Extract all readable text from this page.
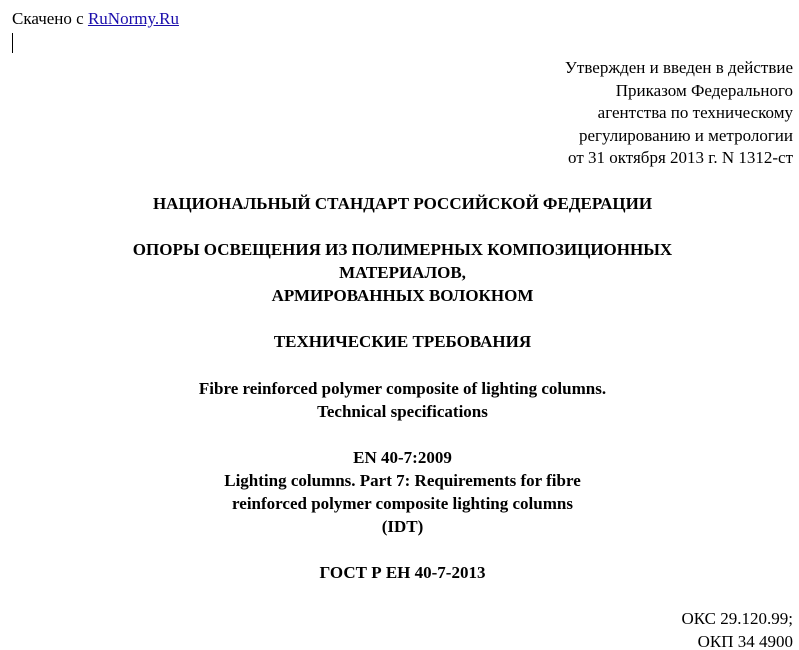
Скачено с RuNormy.Ru
Утвержден и введен в действие
Приказом Федерального
агентства по техническому
регулированию и метрологии
от 31 октября 2013 г. N 1312-ст
НАЦИОНАЛЬНЫЙ СТАНДАРТ РОССИЙСКОЙ ФЕДЕРАЦИИ
ОПОРЫ ОСВЕЩЕНИЯ ИЗ ПОЛИМЕРНЫХ КОМПОЗИЦИОННЫХ
МАТЕРИАЛОВ,
АРМИРОВАННЫХ ВОЛОКНОМ
ТЕХНИЧЕСКИЕ ТРЕБОВАНИЯ
Fibre reinforced polymer composite of lighting columns.
Technical specifications
EN 40-7:2009
Lighting columns. Part 7: Requirements for fibre
reinforced polymer composite lighting columns
(IDT)
ГОСТ Р ЕН 40-7-2013
ОКС 29.120.99;
ОКП 34 4900
